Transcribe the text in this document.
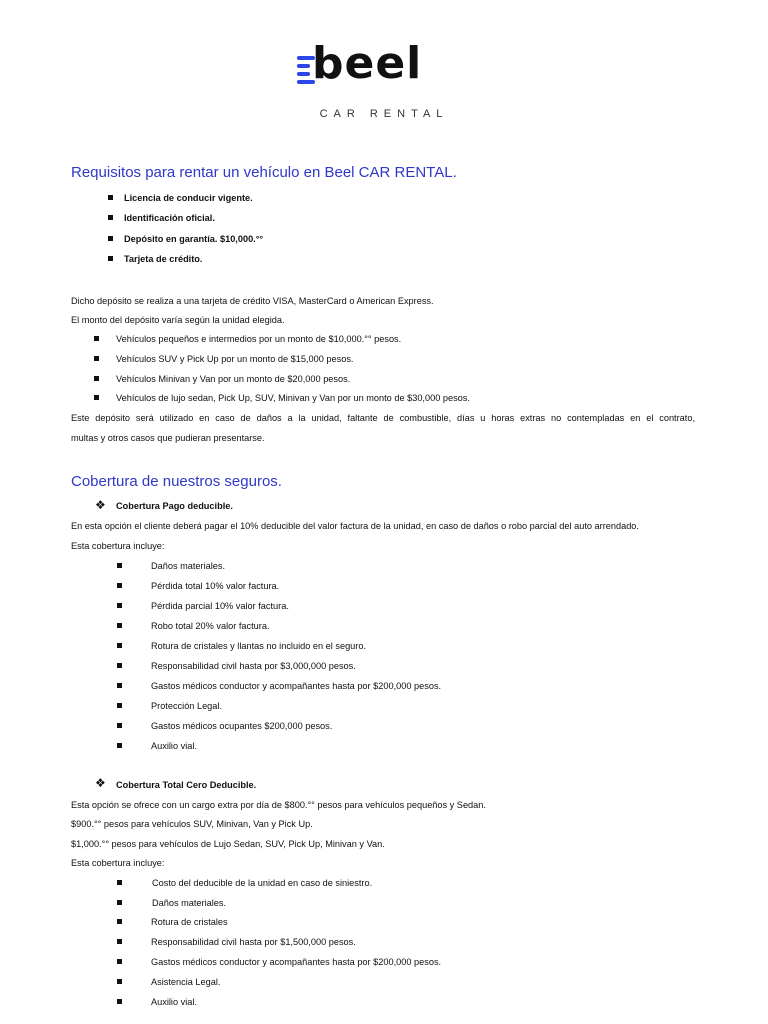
beel
CAR RENTAL
Requisitos para rentar un vehículo en Beel CAR RENTAL.
Licencia de conducir vigente.
Identificación oficial.
Depósito en garantía. $10,000.°°
Tarjeta de crédito.
Dicho depósito se realiza a una tarjeta de crédito VISA, MasterCard o American Express.
El monto del depósito varía según la unidad elegida.
Vehículos pequeños e intermedios por un monto de $10,000.°° pesos.
Vehículos SUV y Pick Up por un monto de $15,000 pesos.
Vehículos Minivan y Van por un monto de $20,000 pesos.
Vehículos de lujo sedan, Pick Up, SUV, Minivan y Van por un monto de $30,000 pesos.
Este depósito será utilizado en caso de daños a la unidad, faltante de combustible, días u horas extras no contempladas en el contrato,
multas y otros casos que pudieran presentarse.
Cobertura de nuestros seguros.
❖ Cobertura Pago deducible.
En esta opción el cliente deberá pagar el 10% deducible del valor factura de la unidad, en caso de daños o robo parcial del auto arrendado.
Esta cobertura incluye:
Daños materiales.
Pérdida total 10% valor factura.
Pérdida parcial 10% valor factura.
Robo total 20% valor factura.
Rotura de cristales y llantas no incluido en el seguro.
Responsabilidad civil hasta por $3,000,000 pesos.
Gastos médicos conductor y acompañantes hasta por $200,000 pesos.
Protección Legal.
Gastos médicos ocupantes $200,000 pesos.
Auxilio vial.
❖ Cobertura Total Cero Deducible.
Esta opción se ofrece con un cargo extra por día de $800.°° pesos para vehículos pequeños y Sedan.
$900.°° pesos para vehículos SUV, Minivan, Van y Pick Up.
$1,000.°° pesos para vehículos de Lujo Sedan, SUV, Pick Up, Minivan y Van.
Esta cobertura incluye:
Costo del deducible de la unidad en caso de siniestro.
Daños materiales.
Rotura de cristales
Responsabilidad civil hasta por $1,500,000 pesos.
Gastos médicos conductor y acompañantes hasta por $200,000 pesos.
Asistencia Legal.
Auxilio vial.
